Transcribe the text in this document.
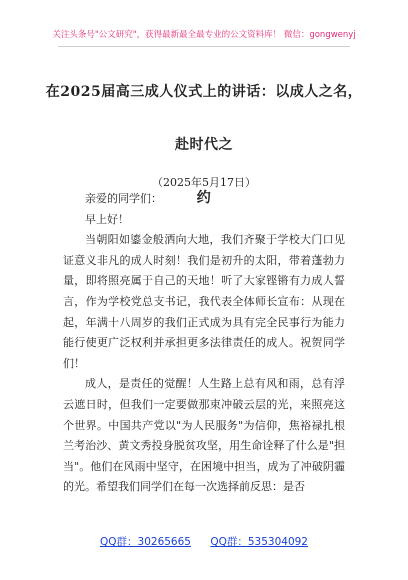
关注头条号"公文研究"，获得最新最全最专业的公文资料库！ 微信：gongwenyj
在2025届高三成人仪式上的讲话：以成人之名，赴时代之
约
（2025年5月17日）

亲爱的同学们：

早上好！

当朝阳如鎏金般洒向大地，我们齐聚于学校大门口见证意义非凡的成人时刻！我们是初升的太阳，带着蓬勃力量，即将照亮属于自己的天地！听了大家铿锵有力成人誓言，作为学校党总支书记，我代表全体师长宣布：从现在起，年满十八周岁的我们正式成为具有完全民事行为能力能行使更广泛权利并承担更多法律责任的成人。祝贺同学们！

成人，是责任的觉醒！人生路上总有风和雨，总有浮云遮日时，但我们一定要做那束冲破云层的光，来照亮这个世界。中国共产党以"为人民服务"为信仰，焦裕禄扎根兰考治沙、黄文秀投身脱贫攻坚，用生命诠释了什么是"担当"。他们在风雨中坚守，在困境中担当，成为了冲破阴霾的光。希望我们同学们在每一次选择前反思：是否

QQ群：30265665 QQ群：535304092
